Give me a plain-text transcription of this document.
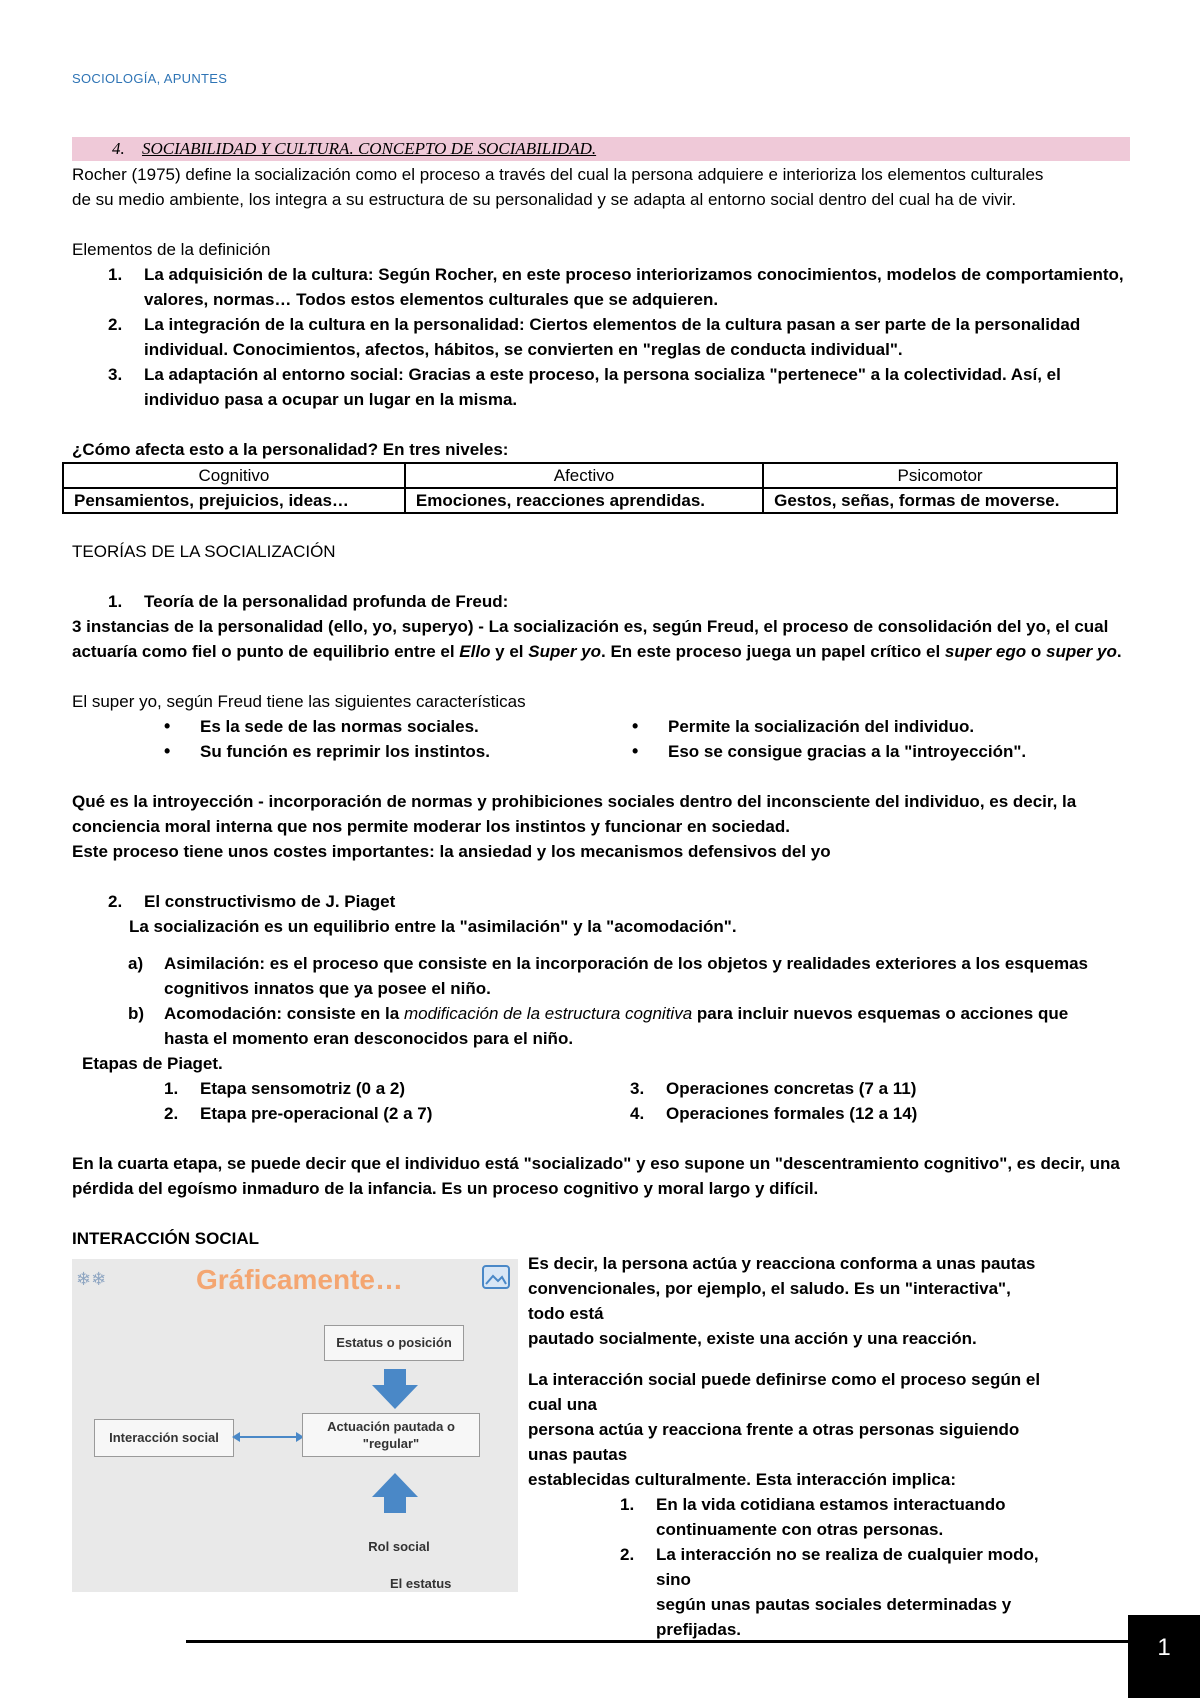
SOCIOLOGÍA, APUNTES
4. SOCIABILIDAD Y CULTURA. CONCEPTO DE SOCIABILIDAD.

Rocher (1975) define la socialización como el proceso a través del cual la persona adquiere e interioriza los elementos culturales

de su medio ambiente, los integra a su estructura de su personalidad y se adapta al entorno social dentro del cual ha de vivir.

Elementos de la definición

1. La adquisición de la cultura: Según Rocher, en este proceso interiorizamos conocimientos, modelos de comportamiento,
valores, normas… Todos estos elementos culturales que se adquieren.
2. La integración de la cultura en la personalidad: Ciertos elementos de la cultura pasan a ser parte de la personalidad
individual. Conocimientos, afectos, hábitos, se convierten en "reglas de conducta individual".
3. La adaptación al entorno social: Gracias a este proceso, la persona socializa "pertenece" a la colectividad. Así, el
individuo pasa a ocupar un lugar en la misma.

¿Cómo afecta esto a la personalidad? En tres niveles:

Cognitivo	Afectivo	Psicomotor
Pensamientos, prejuicios, ideas…	Emociones, reacciones aprendidas.	Gestos, señas, formas de moverse.

TEORÍAS DE LA SOCIALIZACIÓN

1. Teoría de la personalidad profunda de Freud:

3 instancias de la personalidad (ello, yo, superyo) - La socialización es, según Freud, el proceso de consolidación del yo, el cual

actuaría como fiel o punto de equilibrio entre el Ello y el Super yo. En este proceso juega un papel crítico el super ego o super yo.

El super yo, según Freud tiene las siguientes características

• Es la sede de las normas sociales.
• Su función es reprimir los instintos.
• Permite la socialización del individuo.
• Eso se consigue gracias a la "introyección".

Qué es la introyección - incorporación de normas y prohibiciones sociales dentro del inconsciente del individuo, es decir, la

conciencia moral interna que nos permite moderar los instintos y funcionar en sociedad.

Este proceso tiene unos costes importantes: la ansiedad y los mecanismos defensivos del yo

2. El constructivismo de J. Piaget

La socialización es un equilibrio entre la "asimilación" y la "acomodación".

a) Asimilación: es el proceso que consiste en la incorporación de los objetos y realidades exteriores a los esquemas
cognitivos innatos que ya posee el niño.
b) Acomodación: consiste en la modificación de la estructura cognitiva para incluir nuevos esquemas o acciones que
hasta el momento eran desconocidos para el niño.

Etapas de Piaget.

1. Etapa sensomotriz (0 a 2)
2. Etapa pre-operacional (2 a 7)
3. Operaciones concretas (7 a 11)
4. Operaciones formales (12 a 14)

En la cuarta etapa, se puede decir que el individuo está "socializado" y eso supone un "descentramiento cognitivo", es decir, una

pérdida del egoísmo inmaduro de la infancia. Es un proceso cognitivo y moral largo y difícil.

INTERACCIÓN SOCIAL

❄❄	Gráficamente…
Estatus o posición
Interacción social
Actuación pautada o
"regular"
Rol social
El estatus

Es decir, la persona actúa y reacciona conforma a unas pautas

convencionales, por ejemplo, el saludo. Es un "interactiva", todo está

pautado socialmente, existe una acción y una reacción.

La interacción social puede definirse como el proceso según el cual una

persona actúa y reacciona frente a otras personas siguiendo unas pautas

establecidas culturalmente. Esta interacción implica:

1. En la vida cotidiana estamos interactuando
continuamente con otras personas.
2. La interacción no se realiza de cualquier modo, sino
según unas pautas sociales determinadas y prefijadas.
1
